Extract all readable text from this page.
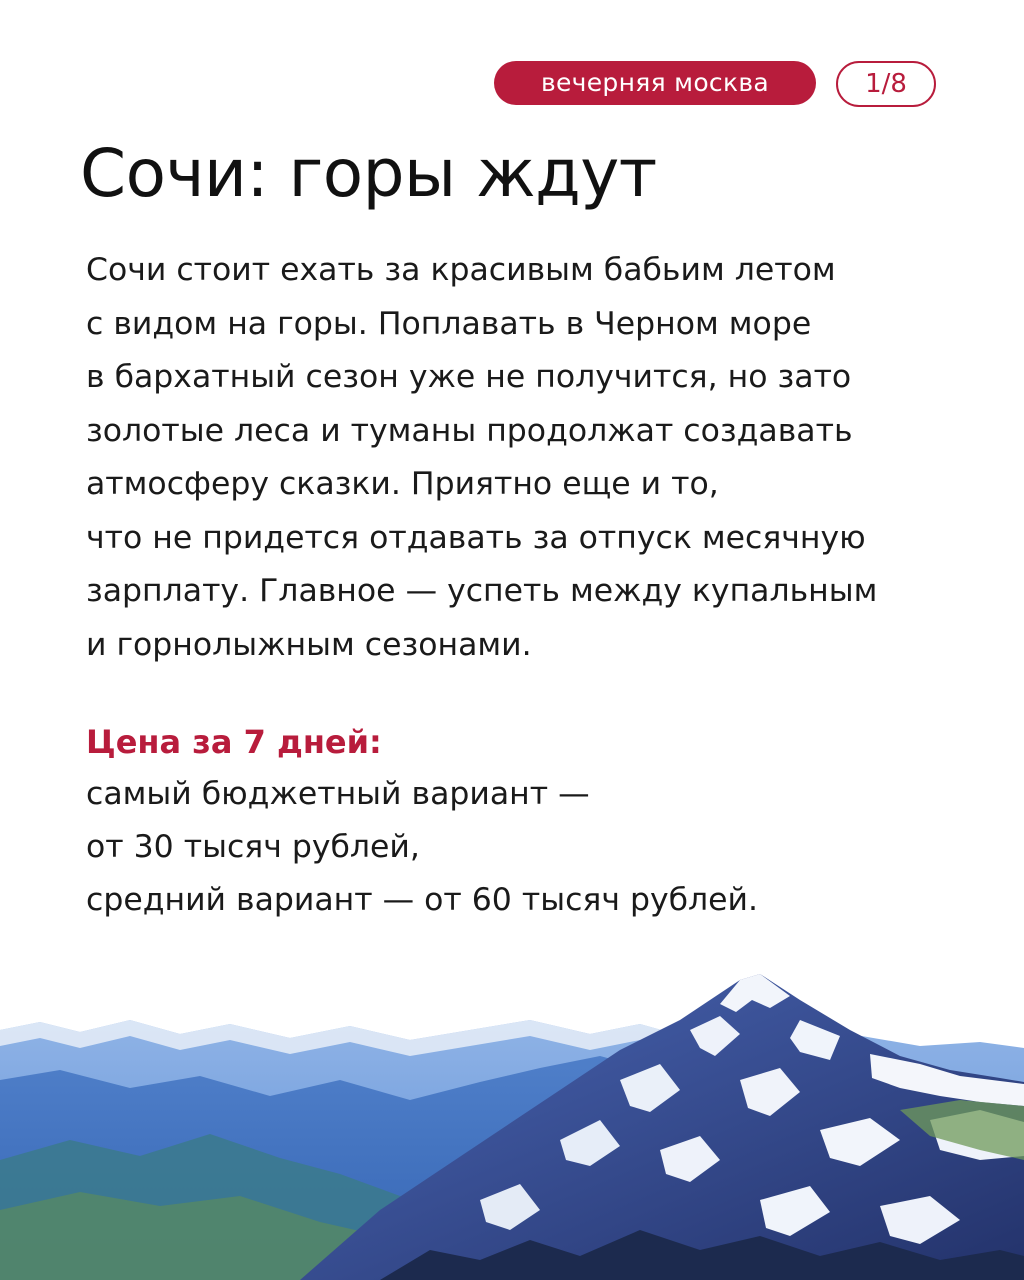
вечерняя москва	1/8
Сочи: горы ждут

Сочи стоит ехать за красивым бабьим летом
с видом на горы. Поплавать в Черном море
в бархатный сезон уже не получится, но зато
золотые леса и туманы продолжат создавать
атмосферу сказки. Приятно еще и то,
что не придется отдавать за отпуск месячную
зарплату. Главное — успеть между купальным
и горнолыжным сезонами.

Цена за 7 дней:

самый бюджетный вариант —
от 30 тысяч рублей,
средний вариант — от 60 тысяч рублей.
